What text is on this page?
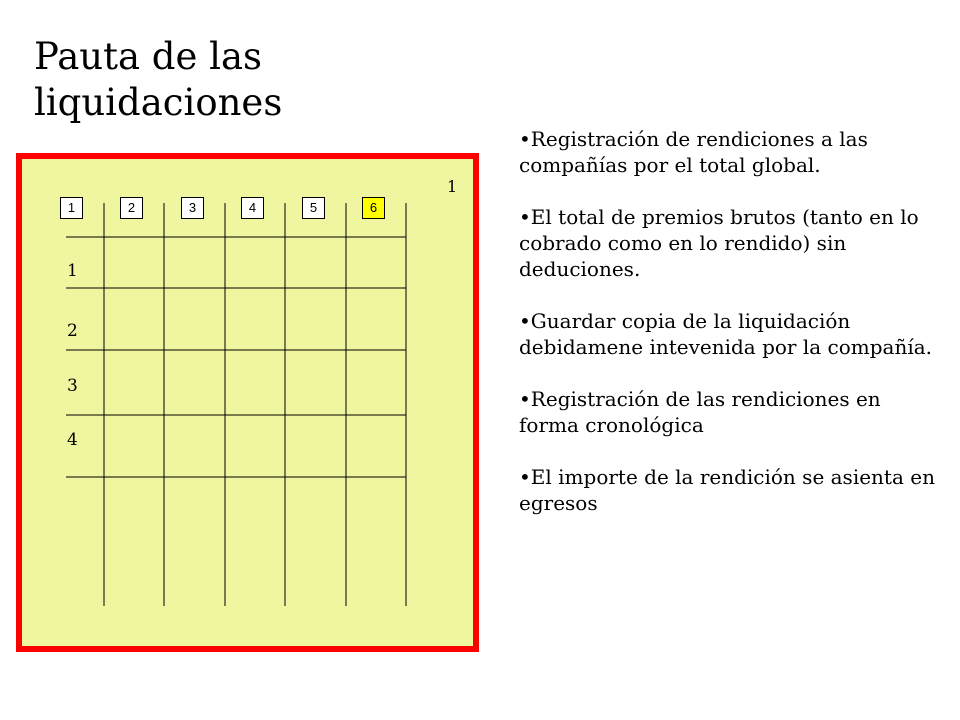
Pauta de las
liquidaciones
1
1	2	3	4	5	6
1
2
3
4

•Registración de rendiciones a las compañías por el total global.

•El total de premios brutos (tanto en lo cobrado como en lo rendido) sin deduciones.

•Guardar copia de la liquidación debidamene intevenida por la compañía.

•Registración de las rendiciones en forma cronológica

•El importe de la rendición se asienta en egresos
